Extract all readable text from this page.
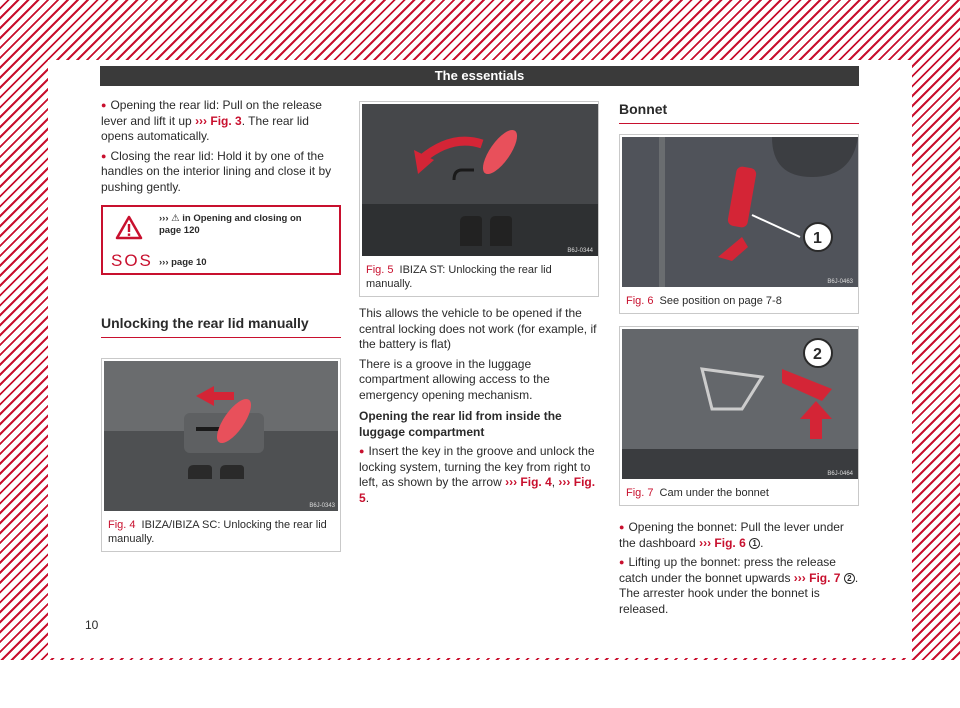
The essentials

● Opening the rear lid: Pull on the release lever and lift it up ››› Fig. 3. The rear lid opens automatically.

● Closing the rear lid: Hold it by one of the handles on the interior lining and close it by pushing gently.

SOS
››› ⚠ in Opening and closing on
page 120
››› page 10
Unlocking the rear lid manually
B6J-0343
Fig. 4 IBIZA/IBIZA SC: Unlocking the rear lid manually.
B6J-0344
Fig. 5 IBIZA ST: Unlocking the rear lid manually.

This allows the vehicle to be opened if the central locking does not work (for example, if the battery is flat)

There is a groove in the luggage compartment allowing access to the emergency opening mechanism.

Opening the rear lid from inside the luggage compartment

● Insert the key in the groove and unlock the locking system, turning the key from right to left, as shown by the arrow ››› Fig. 4, ››› Fig. 5.

Bonnet
1
B6J-0463
Fig. 6 See position on page 7-8
2
B6J-0464
Fig. 7 Cam under the bonnet

● Opening the bonnet: Pull the lever under the dashboard ››› Fig. 6 1 .

● Lifting up the bonnet: press the release catch under the bonnet upwards ››› Fig. 7 2 . The arrester hook under the bonnet is released.

10
